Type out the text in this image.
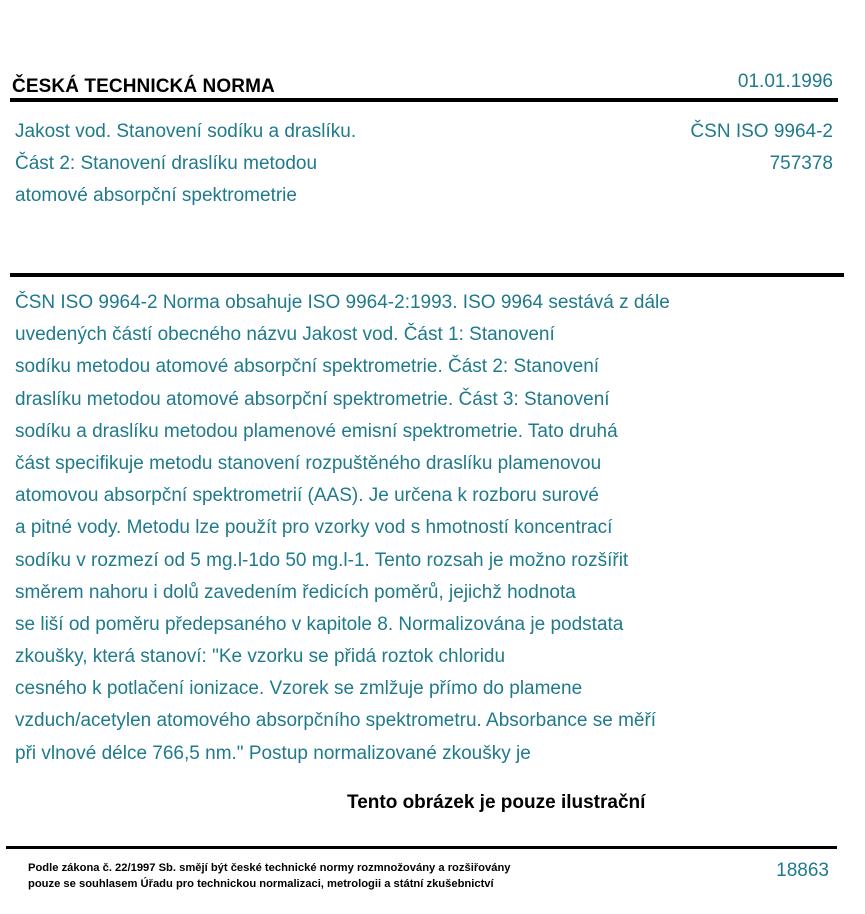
ČESKÁ TECHNICKÁ NORMA	01.01.1996
Jakost vod. Stanovení sodíku a draslíku.
Část 2: Stanovení draslíku metodou
atomové absorpční spektrometrie
ČSN ISO 9964-2
757378
ČSN ISO 9964-2 Norma obsahuje ISO 9964-2:1993. ISO 9964 sestává z dále
uvedených částí obecného názvu Jakost vod. Část 1: Stanovení
sodíku metodou atomové absorpční spektrometrie. Část 2: Stanovení
draslíku metodou atomové absorpční spektrometrie. Část 3: Stanovení
sodíku a draslíku metodou plamenové emisní spektrometrie. Tato druhá
část specifikuje metodu stanovení rozpuštěného draslíku plamenovou
atomovou absorpční spektrometrií (AAS). Je určena k rozboru surové
a pitné vody. Metodu lze použít pro vzorky vod s hmotností koncentrací
sodíku v rozmezí od 5 mg.l-1do 50 mg.l-1. Tento rozsah je možno rozšířit
směrem nahoru i dolů zavedením ředicích poměrů, jejichž hodnota
se liší od poměru předepsaného v kapitole 8. Normalizována je podstata
zkoušky, která stanoví: "Ke vzorku se přidá roztok chloridu
cesného k potlačení ionizace. Vzorek se zmlžuje přímo do plamene
vzduch/acetylen atomového absorpčního spektrometru. Absorbance se měří
při vlnové délce 766,5 nm." Postup normalizované zkoušky je
Tento obrázek je pouze ilustrační
Podle zákona č. 22/1997 Sb. smějí být české technické normy rozmnožovány a rozšiřovány
pouze se souhlasem Úřadu pro technickou normalizaci, metrologii a státní zkušebnictví
18863
